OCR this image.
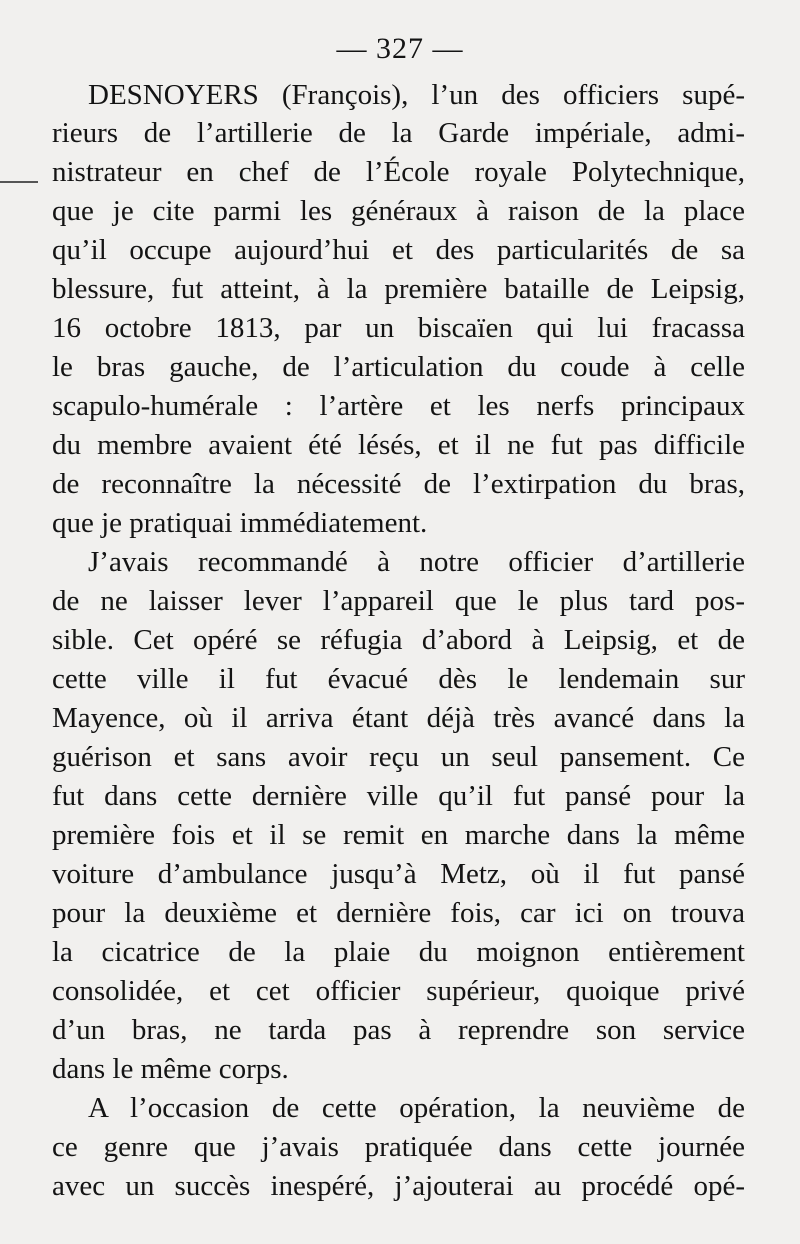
— 327 —
DESNOYERS (François), l’un des officiers supé-
rieurs de l’artillerie de la Garde impériale, admi-
nistrateur en chef de l’École royale Polytechnique,
que je cite parmi les généraux à raison de la place
qu’il occupe aujourd’hui et des particularités de sa
blessure, fut atteint, à la première bataille de Leipsig,
16 octobre 1813, par un biscaïen qui lui fracassa
le bras gauche, de l’articulation du coude à celle
scapulo-humérale : l’artère et les nerfs principaux
du membre avaient été lésés, et il ne fut pas difficile
de reconnaître la nécessité de l’extirpation du bras,
que je pratiquai immédiatement.
J’avais recommandé à notre officier d’artillerie
de ne laisser lever l’appareil que le plus tard pos-
sible. Cet opéré se réfugia d’abord à Leipsig, et de
cette ville il fut évacué dès le lendemain sur
Mayence, où il arriva étant déjà très avancé dans la
guérison et sans avoir reçu un seul pansement. Ce
fut dans cette dernière ville qu’il fut pansé pour la
première fois et il se remit en marche dans la même
voiture d’ambulance jusqu’à Metz, où il fut pansé
pour la deuxième et dernière fois, car ici on trouva
la cicatrice de la plaie du moignon entièrement
consolidée, et cet officier supérieur, quoique privé
d’un bras, ne tarda pas à reprendre son service
dans le même corps.
A l’occasion de cette opération, la neuvième de
ce genre que j’avais pratiquée dans cette journée
avec un succès inespéré, j’ajouterai au procédé opé-
